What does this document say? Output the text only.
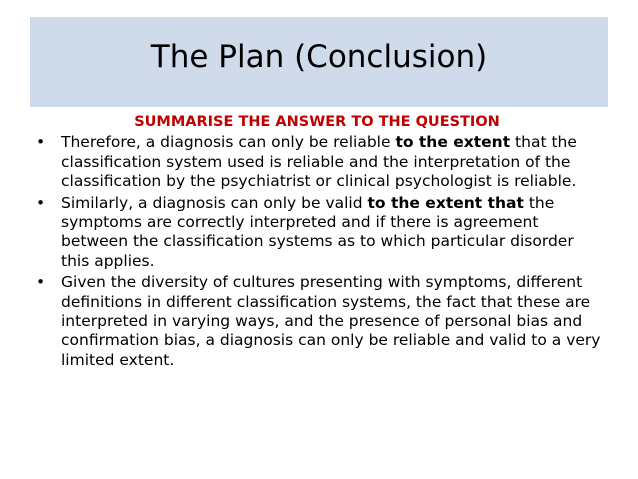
The Plan (Conclusion)
SUMMARISE THE ANSWER TO THE QUESTION
• Therefore, a diagnosis can only be reliable to the extent that the classification system used is reliable and the interpretation of the classification by the psychiatrist or clinical psychologist is reliable.
• Similarly, a diagnosis can only be valid to the extent that the symptoms are correctly interpreted and if there is agreement between the classification systems as to which particular disorder this applies.
• Given the diversity of cultures presenting with symptoms, different definitions in different classification systems, the fact that these are interpreted in varying ways, and the presence of personal bias and confirmation bias, a diagnosis can only be reliable and valid to a very limited extent.
